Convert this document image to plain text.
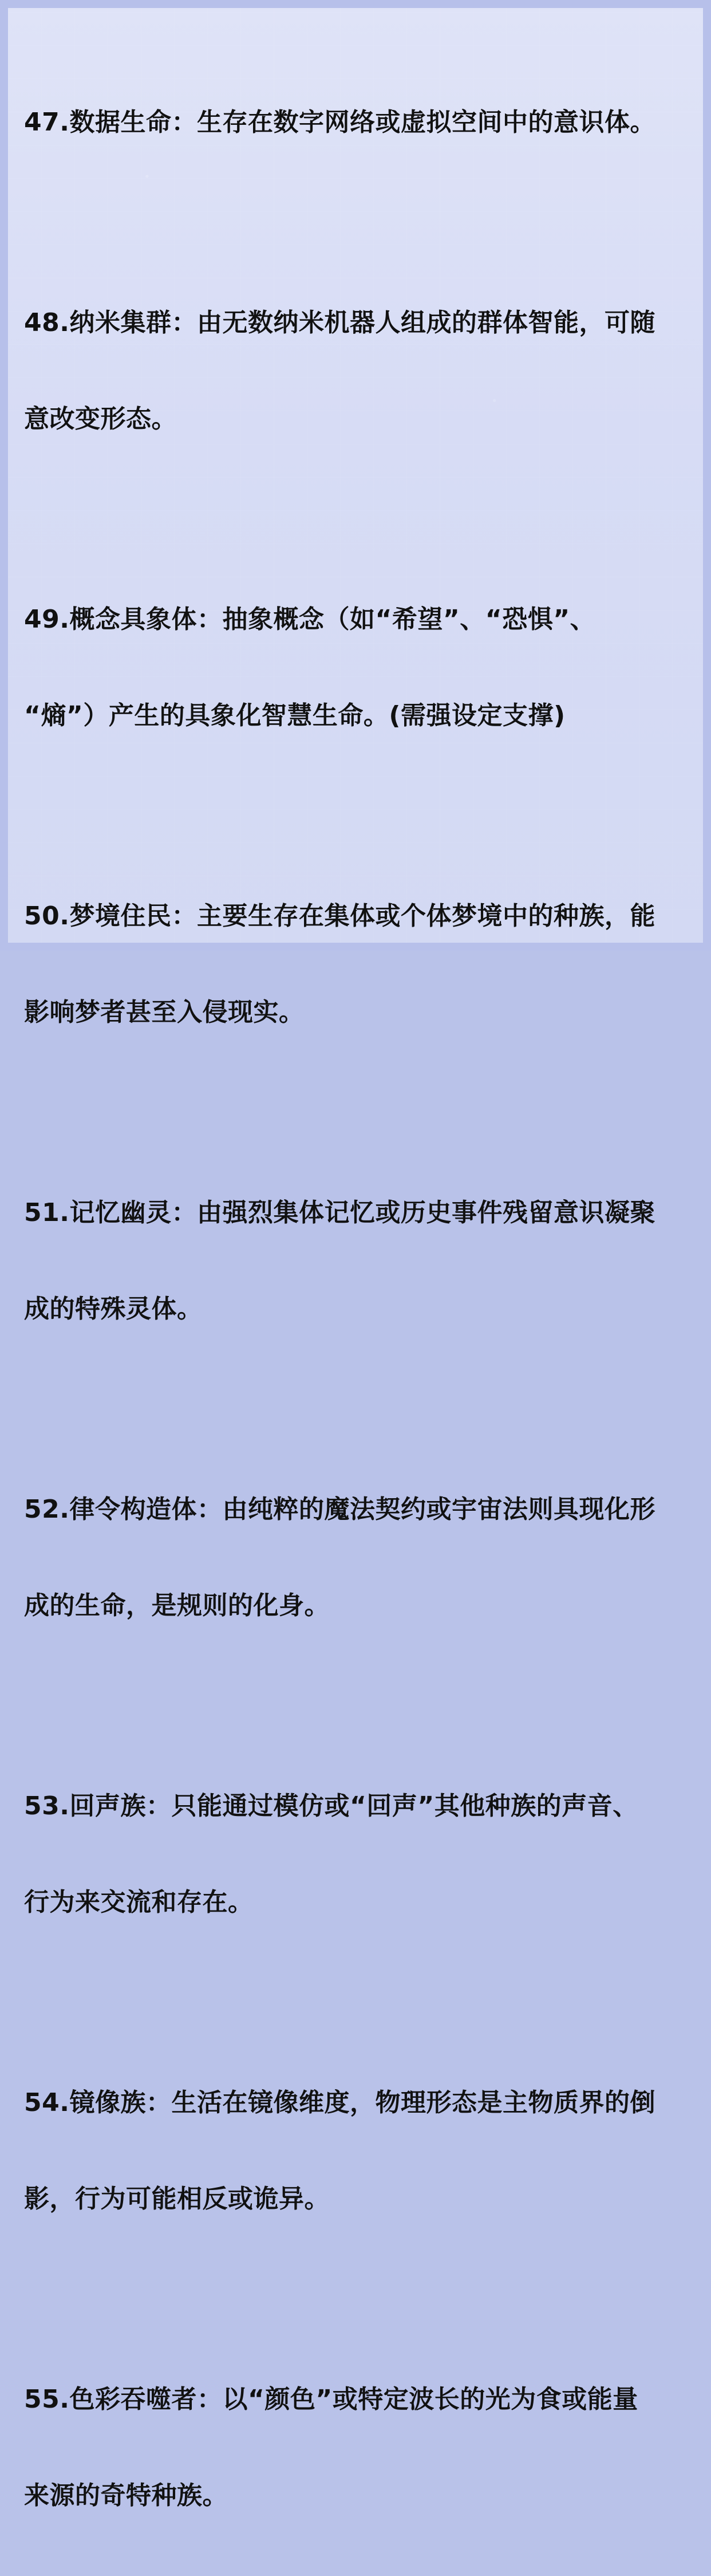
47.数据生命：生存在数字网络或虚拟空间中的意识体。

48.纳米集群：由无数纳米机器人组成的群体智能，可随

意改变形态。

49.概念具象体：抽象概念（如“希望”、“恐惧”、

“熵”）产生的具象化智慧生命。(需强设定支撑)

50.梦境住民：主要生存在集体或个体梦境中的种族，能

影响梦者甚至入侵现实。

51.记忆幽灵：由强烈集体记忆或历史事件残留意识凝聚

成的特殊灵体。

52.律令构造体：由纯粹的魔法契约或宇宙法则具现化形

成的生命，是规则的化身。

53.回声族：只能通过模仿或“回声”其他种族的声音、

行为来交流和存在。

54.镜像族：生活在镜像维度，物理形态是主物质界的倒

影，行为可能相反或诡异。

55.色彩吞噬者：以“颜色”或特定波长的光为食或能量

来源的奇特种族。
